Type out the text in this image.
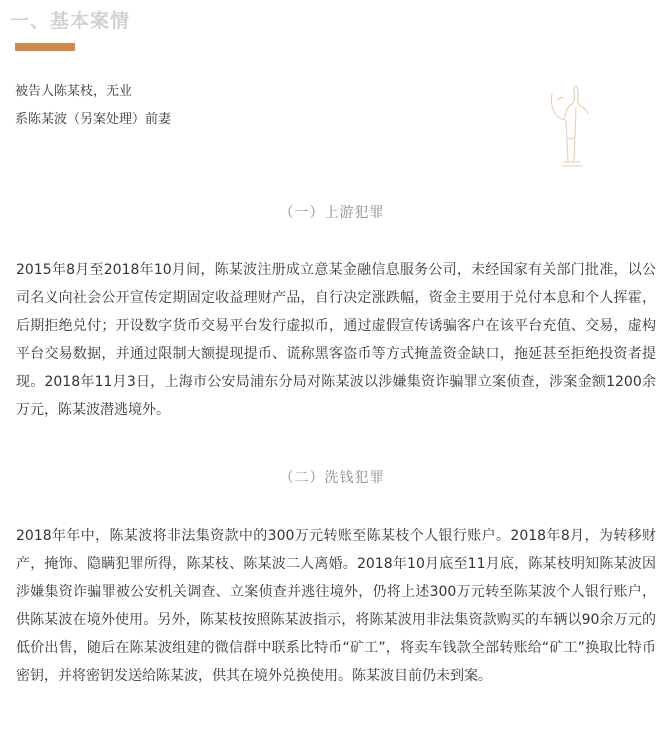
一、基本案情
被告人陈某枝，无业
系陈某波（另案处理）前妻
（一）上游犯罪

2015年8月至2018年10月间，陈某波注册成立意某金融信息服务公司，未经国家有关部门批准，以公司名义向社会公开宣传定期固定收益理财产品，自行决定涨跌幅，资金主要用于兑付本息和个人挥霍，后期拒绝兑付；开设数字货币交易平台发行虚拟币，通过虚假宣传诱骗客户在该平台充值、交易，虚构平台交易数据，并通过限制大额提现提币、谎称黑客盗币等方式掩盖资金缺口，拖延甚至拒绝投资者提现。2018年11月3日，上海市公安局浦东分局对陈某波以涉嫌集资诈骗罪立案侦查，涉案金额1200余万元，陈某波潜逃境外。

（二）洗钱犯罪

2018年年中，陈某波将非法集资款中的300万元转账至陈某枝个人银行账户。2018年8月，为转移财产，掩饰、隐瞒犯罪所得，陈某枝、陈某波二人离婚。2018年10月底至11月底，陈某枝明知陈某波因涉嫌集资诈骗罪被公安机关调查、立案侦查并逃往境外，仍将上述300万元转至陈某波个人银行账户，供陈某波在境外使用。另外，陈某枝按照陈某波指示，将陈某波用非法集资款购买的车辆以90余万元的低价出售，随后在陈某波组建的微信群中联系比特币“矿工”，将卖车钱款全部转账给“矿工”换取比特币密钥，并将密钥发送给陈某波，供其在境外兑换使用。陈某波目前仍未到案。
